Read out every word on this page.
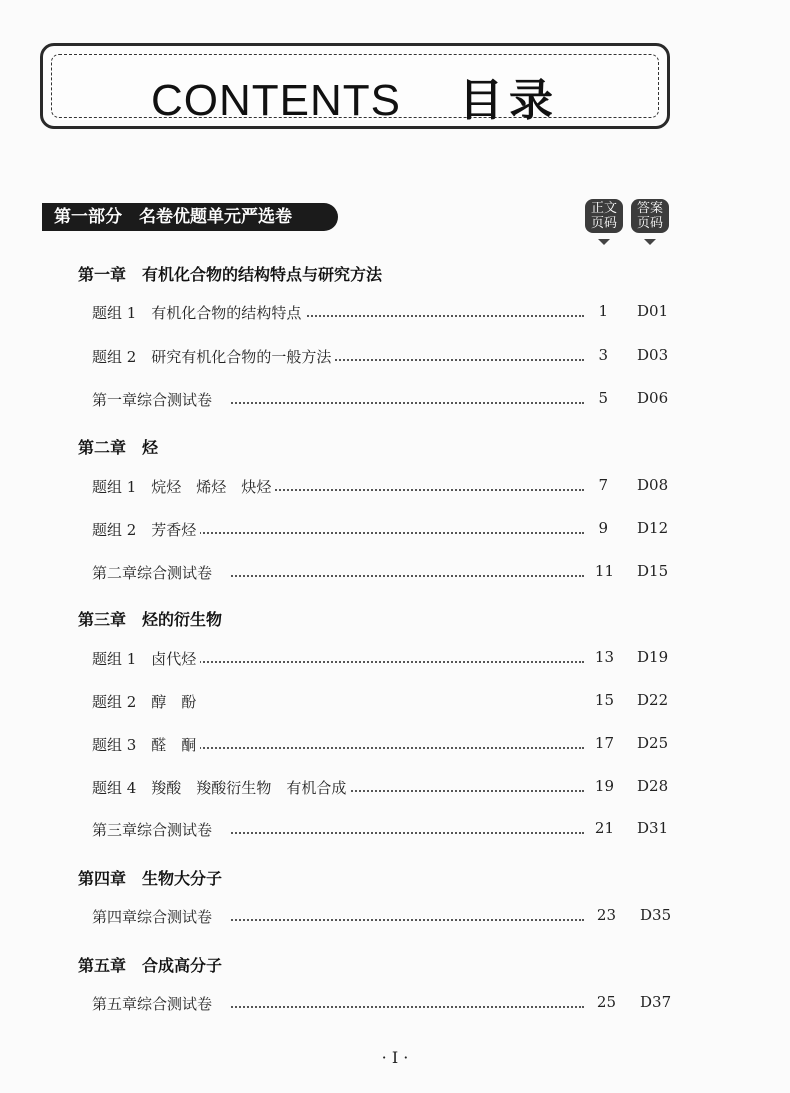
CONTENTS 目录
第一部分　名卷优题单元严选卷	正文
页码
答案
页码
第一章　有机化合物的结构特点与研究方法
题组 1　有机化合物的结构特点	1 D01
题组 2　研究有机化合物的一般方法	3 D03
第一章综合测试卷　	5 D06
第二章　烃
题组 1　烷烃　烯烃　炔烃	7 D08
题组 2　芳香烃	9 D12
第二章综合测试卷　	11 D15
第三章　烃的衍生物
题组 1　卤代烃	13 D19
题组 2　醇　酚	15 D22
题组 3　醛　酮	17 D25
题组 4　羧酸　羧酸衍生物　有机合成	19 D28
第三章综合测试卷　	21 D31
第四章　生物大分子
第四章综合测试卷　	23 D35
第五章　合成高分子
第五章综合测试卷　	25 D37
· I ·
